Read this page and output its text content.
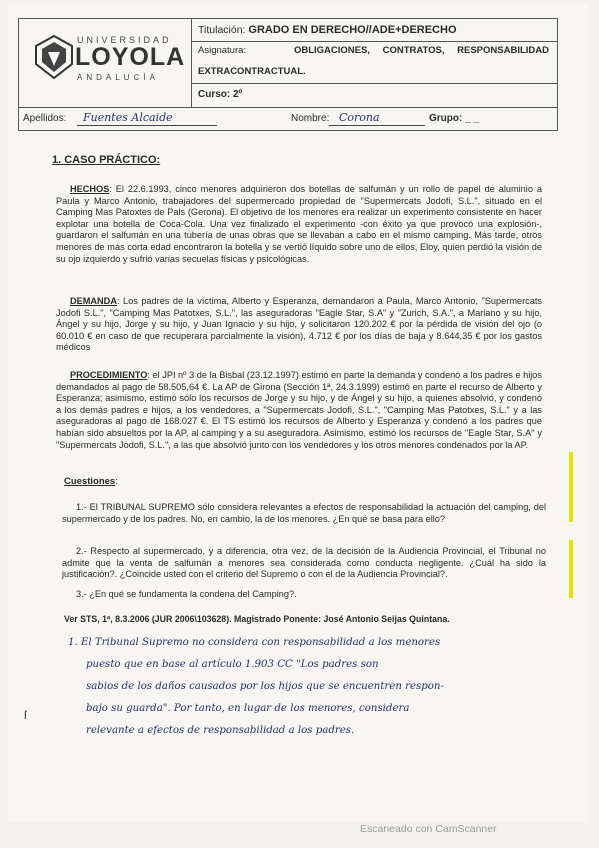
UNIVERSIDAD
LOYOLA
ANDALUCÍA
Titulación: GRADO EN DERECHO//ADE+DERECHO
Asignatura:	OBLIGACIONES, CONTRATOS, RESPONSABILIDAD
EXTRACONTRACTUAL.
Curso: 2º
Apellidos: Fuentes Alcaide	Nombre: Corona	Grupo: _ _
1. CASO PRÁCTICO:
HECHOS: El 22.6.1993, cinco menores adquirieron dos botellas de salfumán y un rollo de papel de aluminio a Paula y Marco Antonio, trabajadores del supermercado propiedad de "Supermercats Jodofi, S.L.", situado en el Camping Mas Patoxtes de Pals (Gerona). El objetivo de los menores era realizar un experimento consistente en hacer explotar una botella de Coca-Cola. Una vez finalizado el experimento -con éxito ya que provocó una explosión-, guardaron el salfumán en una tubería de unas obras que se llevaban a cabo en el mismo camping. Más tarde, otros menores de más corta edad encontraron la botella y se vertió líquido sobre uno de ellos, Eloy, quien perdió la visión de su ojo izquierdo y sufrió varias secuelas físicas y psicológicas.
DEMANDA: Los padres de la víctima, Alberto y Esperanza, demandaron a Paula, Marco Antonio, "Supermercats Jodofi S.L.", "Camping Mas Patotxes, S.L.", las aseguradoras "Eagle Star, S.A" y "Zurich, S.A.", a Mariano y su hijo, Ángel y su hijo, Jorge y su hijo, y Juan Ignacio y su hijo, y solicitaron 120.202 € por la pérdida de visión del ojo (o 60.010 € en caso de que recuperara parcialmente la visión), 4.712 € por los días de baja y 8.644,35 € por los gastos médicos
PROCEDIMIENTO: el JPI nº 3 de la Bisbal (23.12.1997) estimó en parte la demanda y condenó a los padres e hijos demandados al pago de 58.505,64 €. La AP de Girona (Sección 1ª, 24.3.1999) estimó en parte el recurso de Alberto y Esperanza; asimismo, estimó sólo los recursos de Jorge y su hijo, y de Ángel y su hijo, a quienes absolvió, y condenó a los demás padres e hijos, a los vendedores, a "Supermercats Jodofi, S.L.", "Camping Mas Patotxes, S.L." y a las aseguradoras al pago de 168.027 €. El TS estimó los recursos de Alberto y Esperanza y condenó a los padres que habían sido absueltos por la AP, al camping y a su aseguradora. Asimismo, estimó los recursos de "Eagle Star, S.A" y "Supermercats Jodofi, S.L.", a las que absolvió junto con los vendedores y los otros menores condenados por la AP.
Cuestiones:
1.- El TRIBUNAL SUPREMO sólo considera relevantes a efectos de responsabilidad la actuación del camping, del supermercado y de los padres. No, en cambio, la de los menores. ¿En qué se basa para ello?
2.- Respecto al supermercado, y a diferencia, otra vez, de la decisión de la Audiencia Provincial, el Tribunal no admite que la venta de salfumán a menores sea considerada como conducta negligente. ¿Cuál ha sido la justificación?. ¿Coincide usted con el criterio del Supremo o con el de la Audiencia Provincial?.
3.- ¿En qué se fundamenta la condena del Camping?.
Ver STS, 1ª, 8.3.2006 (JUR 2006\103628). Magistrado Ponente: José Antonio Seijas Quintana.
1. El Tribunal Supremo no considera con responsabilidad a los menores
puesto que en base al artículo 1.903 CC "Los padres son
sabios de los daños causados por los hijos que se encuentren respon-
bajo su guarda". Por tanto, en lugar de los menores, considera
relevante a efectos de responsabilidad a los padres.
ſ
Escaneado con CamScanner
